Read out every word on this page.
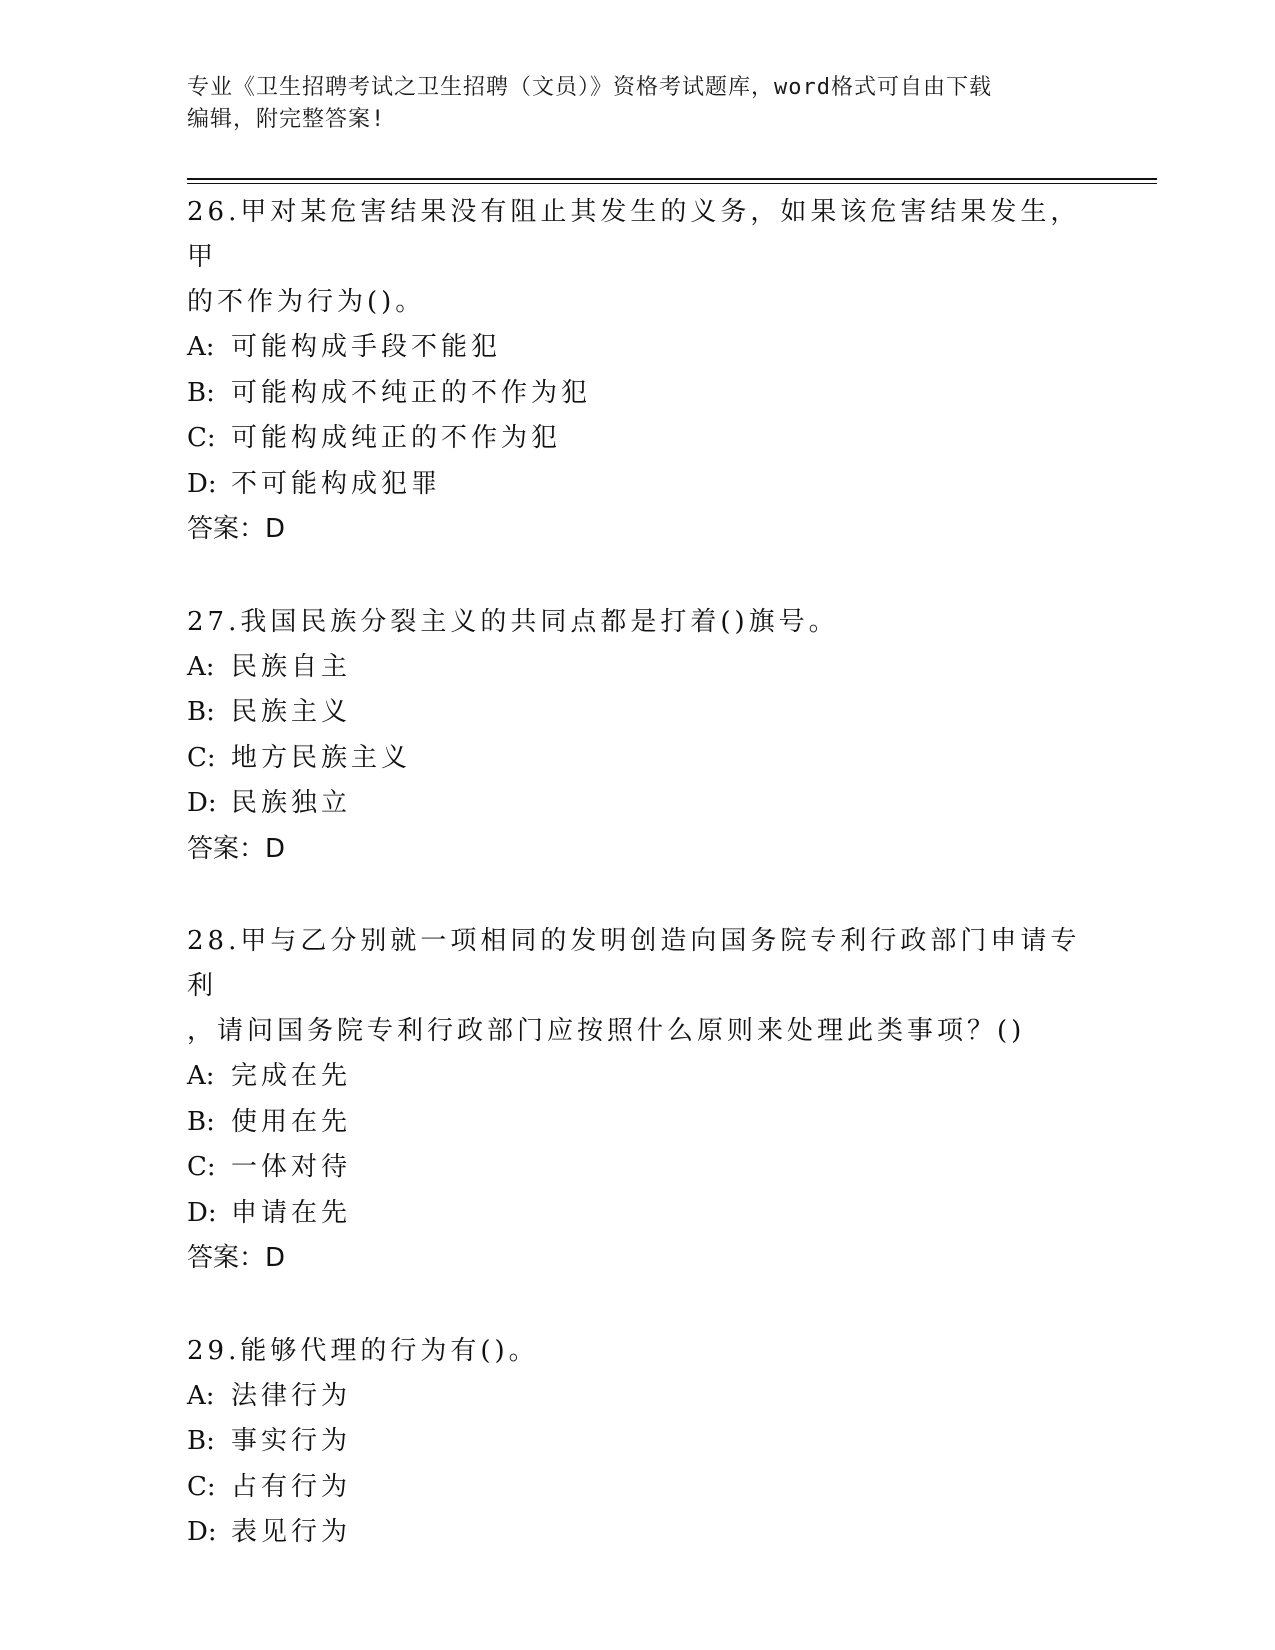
专业《卫生招聘考试之卫生招聘（文员）》资格考试题库，word格式可自由下载
编辑，附完整答案!
26.甲对某危害结果没有阻止其发生的义务，如果该危害结果发生，甲
的不作为行为()。
A: 可能构成手段不能犯
B: 可能构成不纯正的不作为犯
C: 可能构成纯正的不作为犯
D: 不可能构成犯罪
答案：D
27.我国民族分裂主义的共同点都是打着()旗号。
A: 民族自主
B: 民族主义
C: 地方民族主义
D: 民族独立
答案：D
28.甲与乙分别就一项相同的发明创造向国务院专利行政部门申请专利
，请问国务院专利行政部门应按照什么原则来处理此类事项？()
A: 完成在先
B: 使用在先
C: 一体对待
D: 申请在先
答案：D
29.能够代理的行为有()。
A: 法律行为
B: 事实行为
C: 占有行为
D: 表见行为
